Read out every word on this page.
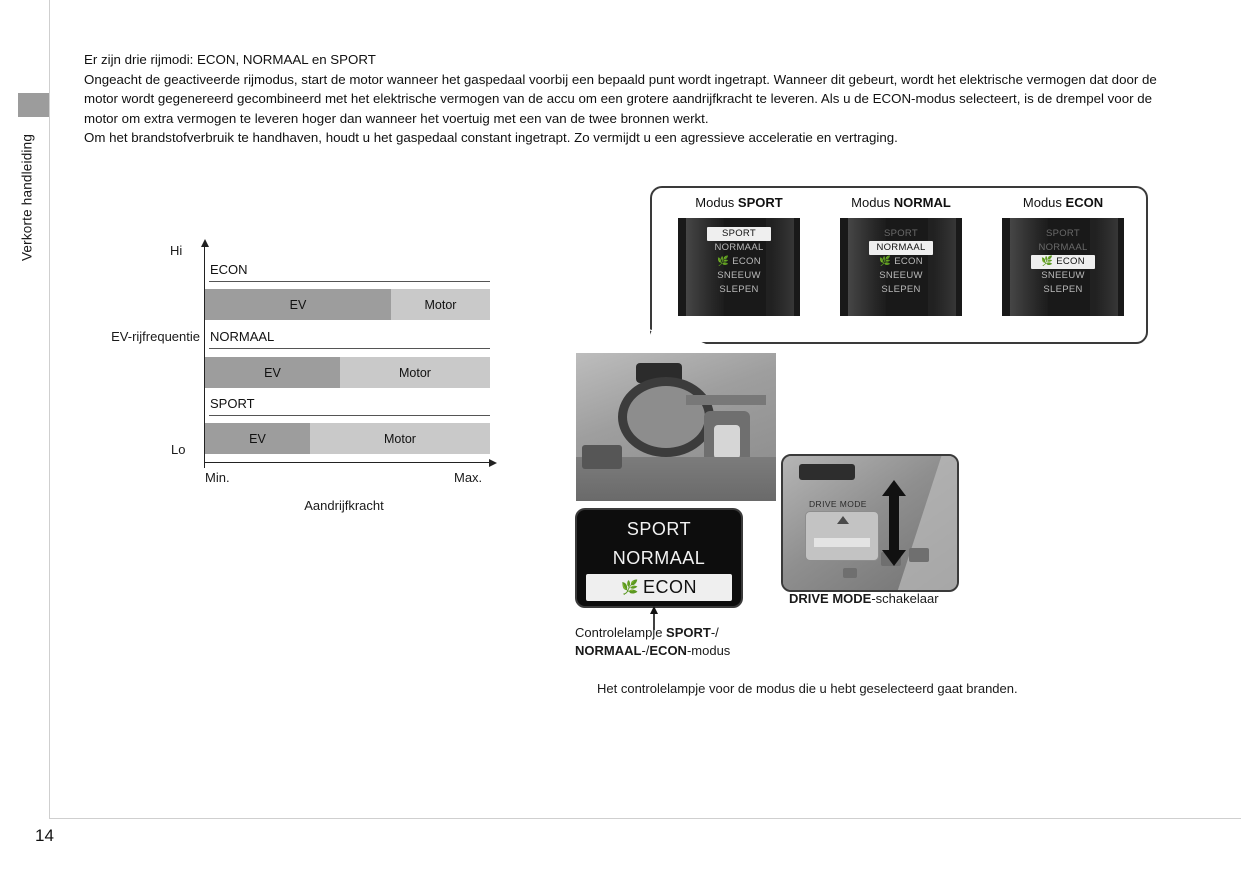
Verkorte handleiding

Er zijn drie rijmodi: ECON, NORMAAL en SPORT

Ongeacht de geactiveerde rijmodus, start de motor wanneer het gaspedaal voorbij een bepaald punt wordt ingetrapt. Wanneer dit gebeurt, wordt het elektrische vermogen dat door de motor wordt gegenereerd gecombineerd met het elektrische vermogen van de accu om een grotere aandrijfkracht te leveren. Als u de ECON-modus selecteert, is de drempel voor de motor om extra vermogen te leveren hoger dan wanneer het voertuig met een van de twee bronnen werkt.

Om het brandstofverbruik te handhaven, houdt u het gaspedaal constant ingetrapt. Zo vermijdt u een agressieve acceleratie en vertraging.

Hi
Lo
EV-rijfrequentie
Min.	Max.
Aandrijfkracht
ECON
EV	Motor
NORMAAL
EV	Motor
SPORT
EV	Motor
Modus SPORT
SPORT
NORMAAL
🌿 ECON
SNEEUW
SLEPEN
Modus NORMAL
SPORT
NORMAAL
🌿 ECON
SNEEUW
SLEPEN
Modus ECON
SPORT
NORMAAL
🌿 ECON
SNEEUW
SLEPEN
SPORT
NORMAAL
🌿 ECON
Controlelampje SPORT-/
NORMAAL-/ECON-modus
DRIVE MODE
DRIVE MODE-schakelaar
Het controlelampje voor de modus die u hebt geselecteerd gaat branden.
14
